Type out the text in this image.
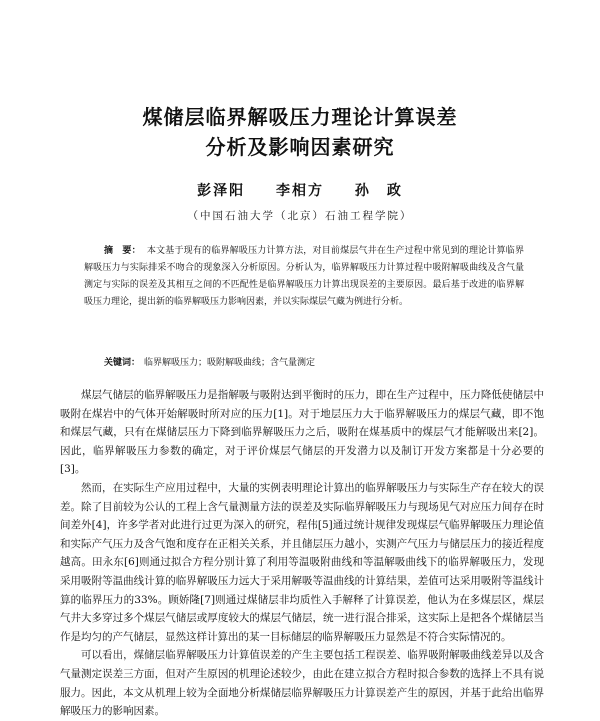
煤储层临界解吸压力理论计算误差
分析及影响因素研究
彭泽阳 李相方 孙　政
（中国石油大学（北京）石油工程学院）

摘　要： 本文基于现有的临界解吸压力计算方法，对目前煤层气井在生产过程中常见到的理论计算临界解吸压力与实际排采不吻合的现象深入分析原因。分析认为，临界解吸压力计算过程中吸附解吸曲线及含气量测定与实际的误差及其相互之间的不匹配性是临界解吸压力计算出现误差的主要原因。最后基于改进的临界解吸压力理论，提出新的临界解吸压力影响因素，并以实际煤层气藏为例进行分析。

关键词： 临界解吸压力；吸附解吸曲线；含气量测定

煤层气储层的临界解吸压力是指解吸与吸附达到平衡时的压力，即在生产过程中，压力降低使储层中吸附在煤岩中的气体开始解吸时所对应的压力[1]。对于地层压力大于临界解吸压力的煤层气藏，即不饱和煤层气藏，只有在煤储层压力下降到临界解吸压力之后，吸附在煤基质中的煤层气才能解吸出来[2]。因此，临界解吸压力参数的确定，对于评价煤层气储层的开发潜力以及制订开发方案都是十分必要的[3]。

然而，在实际生产应用过程中，大量的实例表明理论计算出的临界解吸压力与实际生产存在较大的误差。除了目前较为公认的工程上含气量测量方法的误差及实际临界解吸压力与现场见气对应压力间存在时间差外[4]，许多学者对此进行过更为深入的研究，程伟[5]通过统计规律发现煤层气临界解吸压力理论值和实际产气压力及含气饱和度存在正相关关系，并且储层压力越小，实测产气压力与储层压力的接近程度越高。田永东[6]则通过拟合方程分别计算了利用等温吸附曲线和等温解吸曲线下的临界解吸压力，发现采用吸附等温曲线计算的临界解吸压力远大于采用解吸等温曲线的计算结果，差值可达采用吸附等温线计算的临界压力的33%。顾娇隆[7]则通过煤储层非均质性入手解释了计算误差，他认为在多煤层区，煤层气井大多穿过多个煤层气储层或厚度较大的煤层气储层，统一进行混合排采，这实际上是把各个煤储层当作是均匀的产气储层，显然这样计算出的某一目标储层的临界解吸压力显然是不符合实际情况的。

可以看出，煤储层临界解吸压力计算值误差的产生主要包括工程误差、临界吸附解吸曲线差异以及含气量测定误差三方面，但对产生原因的机理论述较少，由此在建立拟合方程时拟合参数的选择上不具有说服力。因此，本文从机理上较为全面地分析煤储层临界解吸压力计算误差产生的原因，并基于此给出临界解吸压力的影响因素。
